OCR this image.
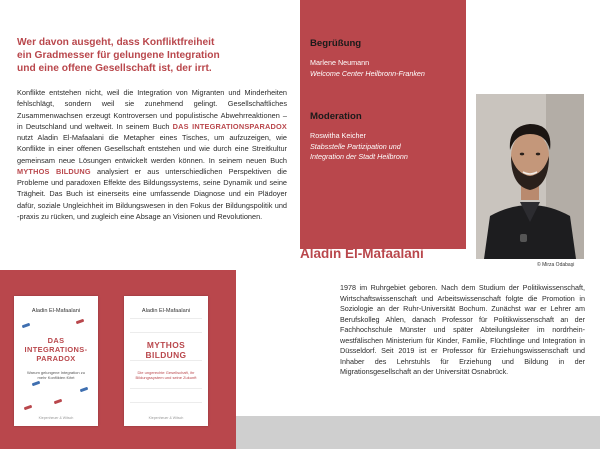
Wer davon ausgeht, dass Konfliktfreiheit
ein Gradmesser für gelungene Integration
und eine offene Gesellschaft ist, der irrt.
Konflikte entstehen nicht, weil die Integration von Migranten und Minderheiten fehlschlägt, sondern weil sie zunehmend gelingt. Gesellschaftliches Zusammenwachsen erzeugt Kontroversen und populistische Abwehrreaktionen – in Deutschland und weltweit. In seinem Buch DAS INTEGRATIONSPARADOX nutzt Aladin El-Mafaalani die Metapher eines Tisches, um aufzuzeigen, wie Konflikte in einer offenen Gesellschaft entstehen und wie durch eine Streitkultur gemeinsam neue Lösungen entwickelt werden können. In seinem neuen Buch MYTHOS BILDUNG analysiert er aus unterschiedlichen Perspektiven die Probleme und paradoxen Effekte des Bildungssystems, seine Dynamik und seine Trägheit. Das Buch ist einerseits eine umfassende Diagnose und ein Plädoyer dafür, soziale Ungleichheit im Bildungswesen in den Fokus der Bildungspolitik und -praxis zu rücken, und zugleich eine Absage an Visionen und Revolutionen.
Begrüßung
Marlene Neumann
Welcome Center Heilbronn-Franken
Moderation
Roswitha Keicher
Stabsstelle Partizipation und Integration der Stadt Heilbronn
© Mirza Odabaşi
Aladin El-Mafaalani
1978 im Ruhrgebiet geboren. Nach dem Studium der Politikwissenschaft, Wirtschaftswissenschaft und Arbeitswissenschaft folgte die Promotion in Soziologie an der Ruhr-Universität Bochum. Zunächst war er Lehrer am Berufskolleg Ahlen, danach Professor für Politikwissenschaft an der Fachhochschule Münster und später Abteilungsleiter im nordrhein-westfälischen Ministerium für Kinder, Familie, Flüchtlinge und Integration in Düsseldorf. Seit 2019 ist er Professor für Erziehungswissenschaft und Inhaber des Lehrstuhls für Erziehung und Bildung in der Migrationsgesellschaft an der Universität Osnabrück.
Aladin El-Mafaalani
DAS
INTEGRATIONS-
PARADOX
Warum gelungene Integration zu mehr Konflikten führt
Kiepenheuer & Witsch
Aladin El-Mafaalani
MYTHOS
BILDUNG
Die ungerechte Gesellschaft, ihr Bildungssystem und seine Zukunft
Kiepenheuer & Witsch
